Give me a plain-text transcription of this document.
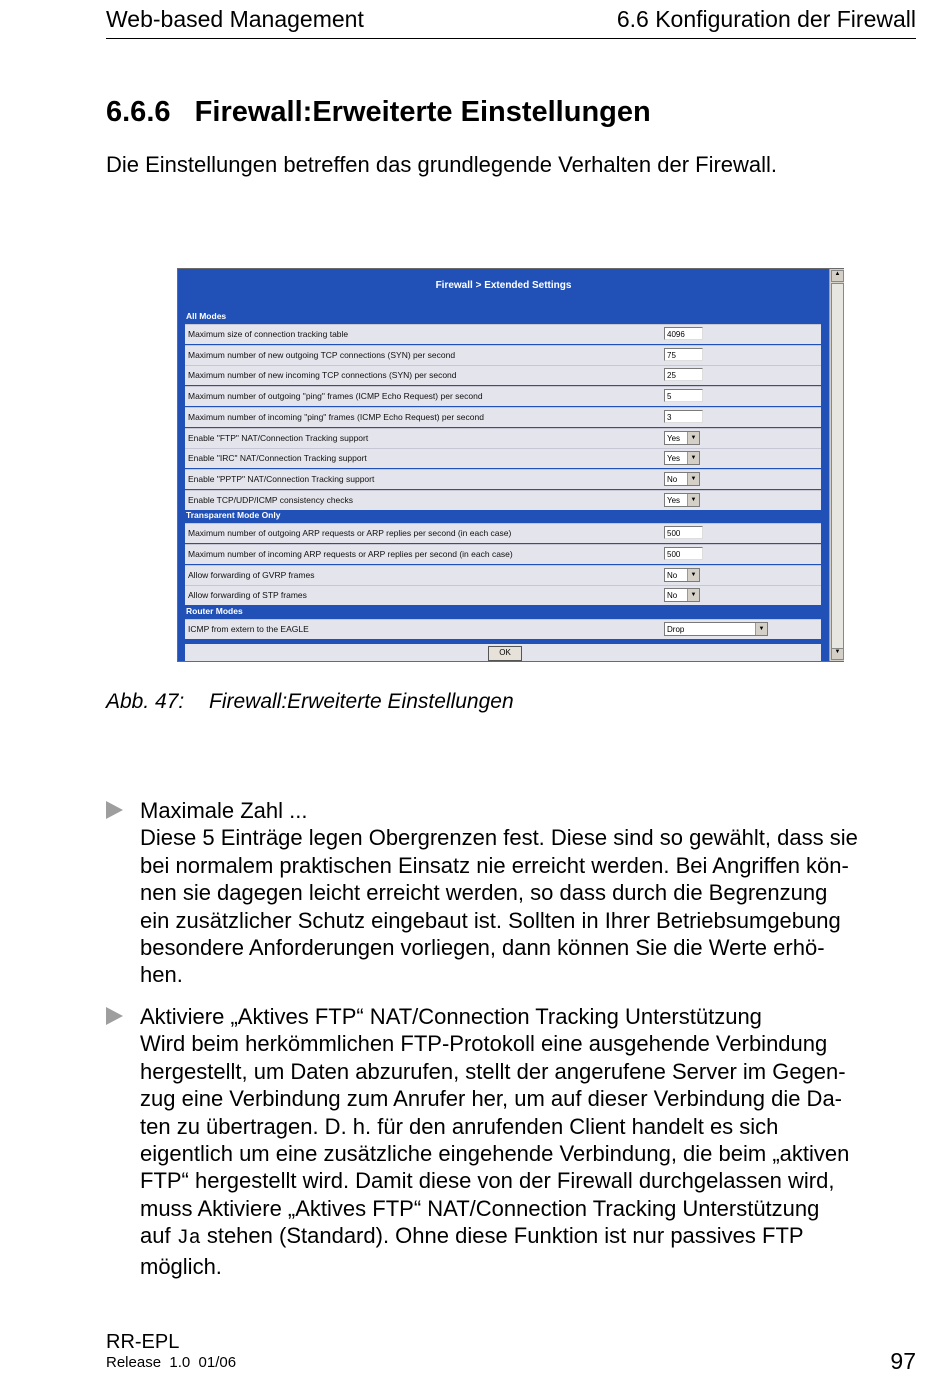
Web-based Management	6.6 Konfiguration der Firewall
6.6.6 Firewall:Erweiterte Einstellungen
Die Einstellungen betreffen das grundlegende Verhalten der Firewall.
Firewall > Extended Settings
All Modes
Maximum size of connection tracking table	4096
Maximum number of new outgoing TCP connections (SYN) per second	75
Maximum number of new incoming TCP connections (SYN) per second	25
Maximum number of outgoing "ping" frames (ICMP Echo Request) per second	5
Maximum number of incoming "ping" frames (ICMP Echo Request) per second	3
Enable "FTP" NAT/Connection Tracking support	Yes	▼
Enable "IRC" NAT/Connection Tracking support	Yes	▼
Enable "PPTP" NAT/Connection Tracking support	No	▼
Enable TCP/UDP/ICMP consistency checks	Yes	▼
Transparent Mode Only
Maximum number of outgoing ARP requests or ARP replies per second (in each case)	500
Maximum number of incoming ARP requests or ARP replies per second (in each case)	500
Allow forwarding of GVRP frames	No	▼
Allow forwarding of STP frames	No	▼
Router Modes
ICMP from extern to the EAGLE	Drop	▼
OK
▲
▼
Abb. 47: Firewall:Erweiterte Einstellungen

Maximale Zahl ...

Diese 5 Einträge legen Obergrenzen fest. Diese sind so gewählt, dass sie

bei normalem praktischen Einsatz nie erreicht werden. Bei Angriffen kön-

nen sie dagegen leicht erreicht werden, so dass durch die Begrenzung

ein zusätzlicher Schutz eingebaut ist. Sollten in Ihrer Betriebsumgebung

besondere Anforderungen vorliegen, dann können Sie die Werte erhö-

hen.

Aktiviere „Aktives FTP“ NAT/Connection Tracking Unterstützung

Wird beim herkömmlichen FTP-Protokoll eine ausgehende Verbindung

hergestellt, um Daten abzurufen, stellt der angerufene Server im Gegen-

zug eine Verbindung zum Anrufer her, um auf dieser Verbindung die Da-

ten zu übertragen. D. h. für den anrufenden Client handelt es sich

eigentlich um eine zusätzliche eingehende Verbindung, die beim „aktiven

FTP“ hergestellt wird. Damit diese von der Firewall durchgelassen wird,

muss Aktiviere „Aktives FTP“ NAT/Connection Tracking Unterstützung

auf Ja stehen (Standard). Ohne diese Funktion ist nur passives FTP

möglich.

RR-EPL
Release  1.0  01/06	97
